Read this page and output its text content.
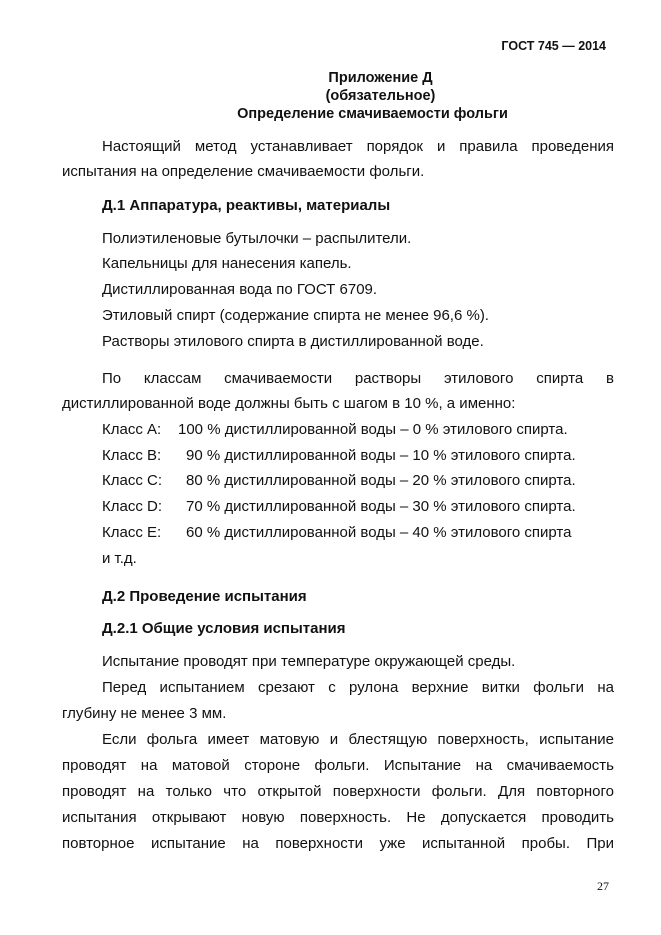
ГОСТ 745 — 2014
Приложение Д
(обязательное)
Определение смачиваемости фольги
Настоящий метод устанавливает порядок и правила проведения
испытания на определение смачиваемости фольги.
Д.1 Аппаратура, реактивы, материалы
Полиэтиленовые бутылочки – распылители.
Капельницы для нанесения капель.
Дистиллированная вода по ГОСТ 6709.
Этиловый спирт (содержание спирта не менее 96,6 %).
Растворы этилового спирта в дистиллированной воде.
По классам смачиваемости растворы этилового спирта в
дистиллированной воде должны быть с шагом в 10 %, а именно:
Класс А: 100 % дистиллированной воды – 0 % этилового спирта.
Класс В: 90 % дистиллированной воды – 10 % этилового спирта.
Класс С: 80 % дистиллированной воды – 20 % этилового спирта.
Класс D: 70 % дистиллированной воды – 30 % этилового спирта.
Класс Е: 60 % дистиллированной воды – 40 % этилового спирта
и т.д.
Д.2 Проведение испытания
Д.2.1 Общие условия испытания
Испытание проводят при температуре окружающей среды.
Перед испытанием срезают с рулона верхние витки фольги на
глубину не менее 3 мм.
Если фольга имеет матовую и блестящую поверхность, испытание
проводят на матовой стороне фольги. Испытание на смачиваемость
проводят на только что открытой поверхности фольги. Для повторного
испытания открывают новую поверхность. Не допускается проводить
повторное испытание на поверхности уже испытанной пробы. При
27
